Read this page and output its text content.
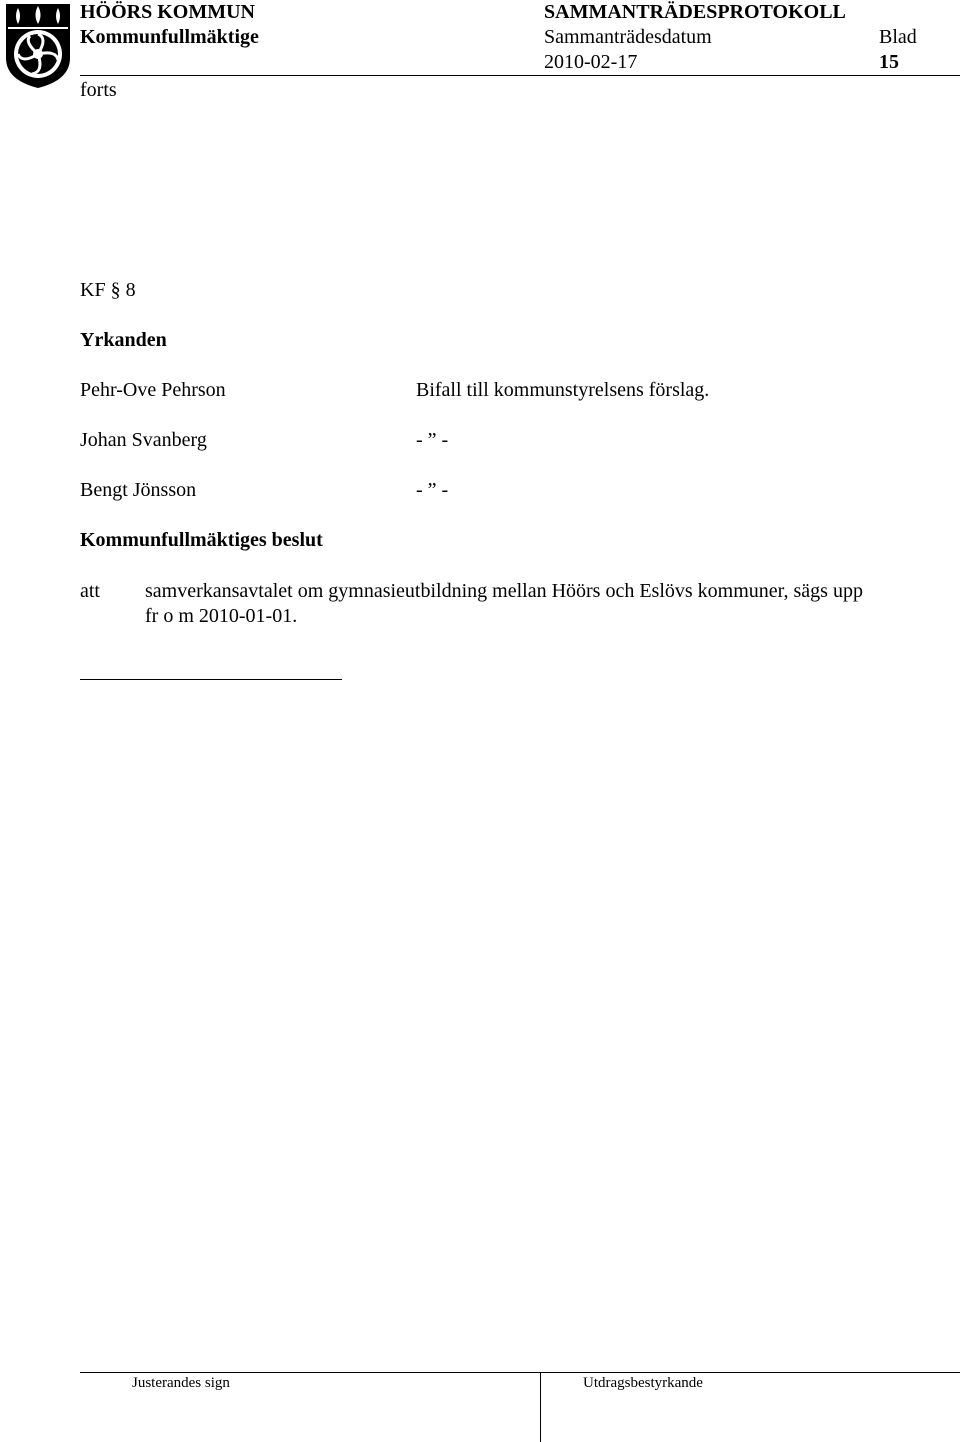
HÖÖRS KOMMUN
Kommunfullmäktige
SAMMANTRÄDESPROTOKOLL
Sammanträdesdatum
2010-02-17
Blad
15
forts
KF § 8
Yrkanden
Pehr-Ove Pehrson	Bifall till kommunstyrelsens förslag.
Johan Svanberg	- ” -
Bengt Jönsson	- ” -
Kommunfullmäktiges beslut
att samverkansavtalet om gymnasieutbildning mellan Höörs och Eslövs kommuner, sägs upp
fr o m 2010-01-01.
Justerandes sign	Utdragsbestyrkande
